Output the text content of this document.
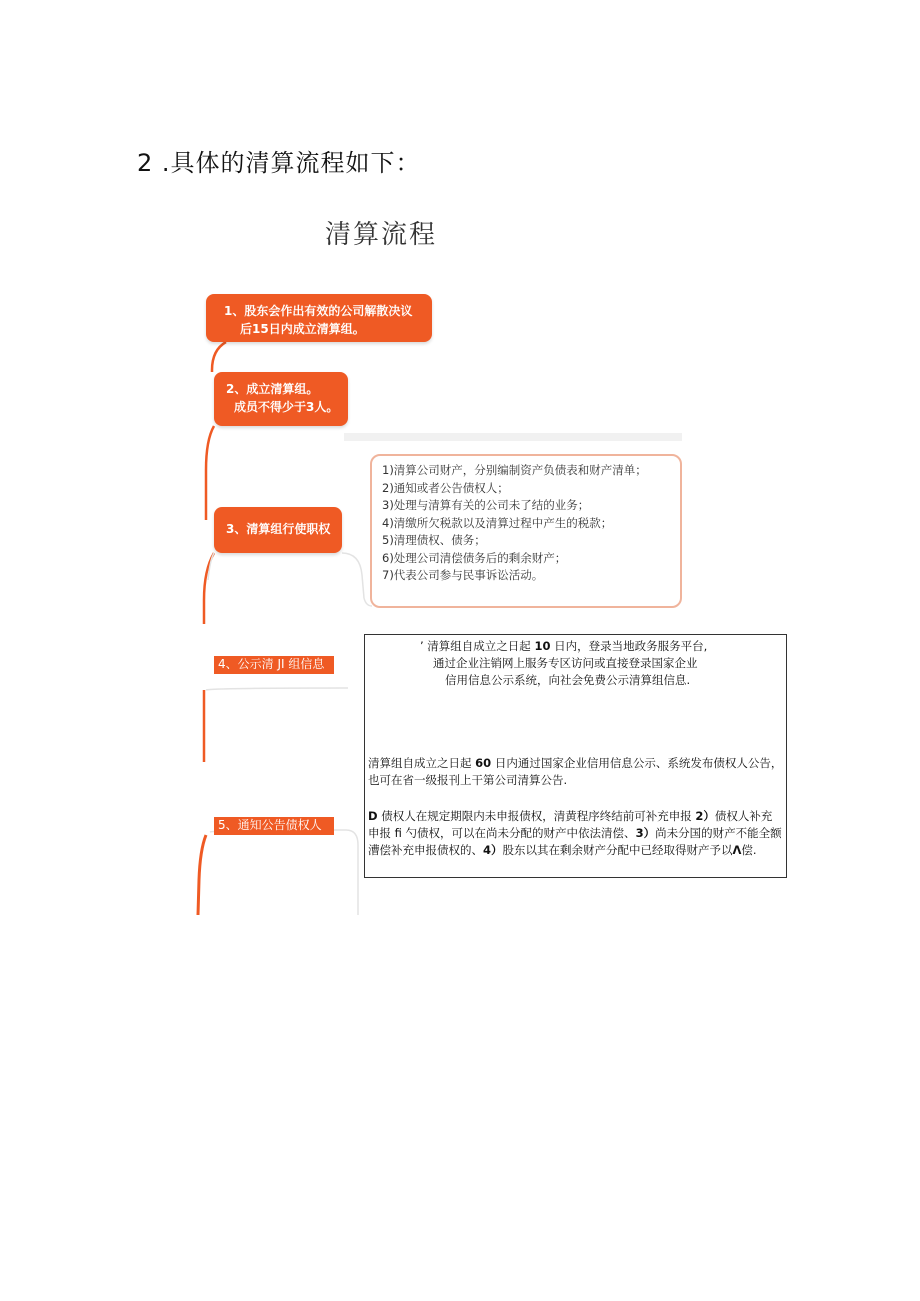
2 .具体的清算流程如下：
清算流程
1、股东会作出有效的公司解散决议
后15日内成立清算组。
2、成立清算组。
成员不得少于3人。
3、清算组行使职权
1)清算公司财产，分别编制资产负债表和财产清单；
2)通知或者公告债权人；
3)处理与清算有关的公司未了结的业务；
4)清缴所欠税款以及清算过程中产生的税款；
5)清理债权、债务；
6)处理公司清偿债务后的剩余财产；
7)代表公司参与民事诉讼活动。
4、公示清 JI 组信息
5、通知公告债权人
’ 清算组自成立之日起 10 日内，登录当地政务服务平台,
通过企业注销网上服务专区访问或直接登录国家企业
信用信息公示系统，向社会免费公示清算组信息.
清算组自成立之日起 60 日内通过国家企业信用信息公示、系统发布债权人公告，也可在省一级报刊上干第公司清算公告.
D 债权人在规定期限内未申报债权，清黄程序终结前可补充申报 2）债权人补充申报 fi 勺债权，可以在尚未分配的财产中依法清偿、3）尚未分国的财产不能全额漕偿补充申报债权的、4）股东以其在剩余财产分配中已经取得财产予以Λ偿.
